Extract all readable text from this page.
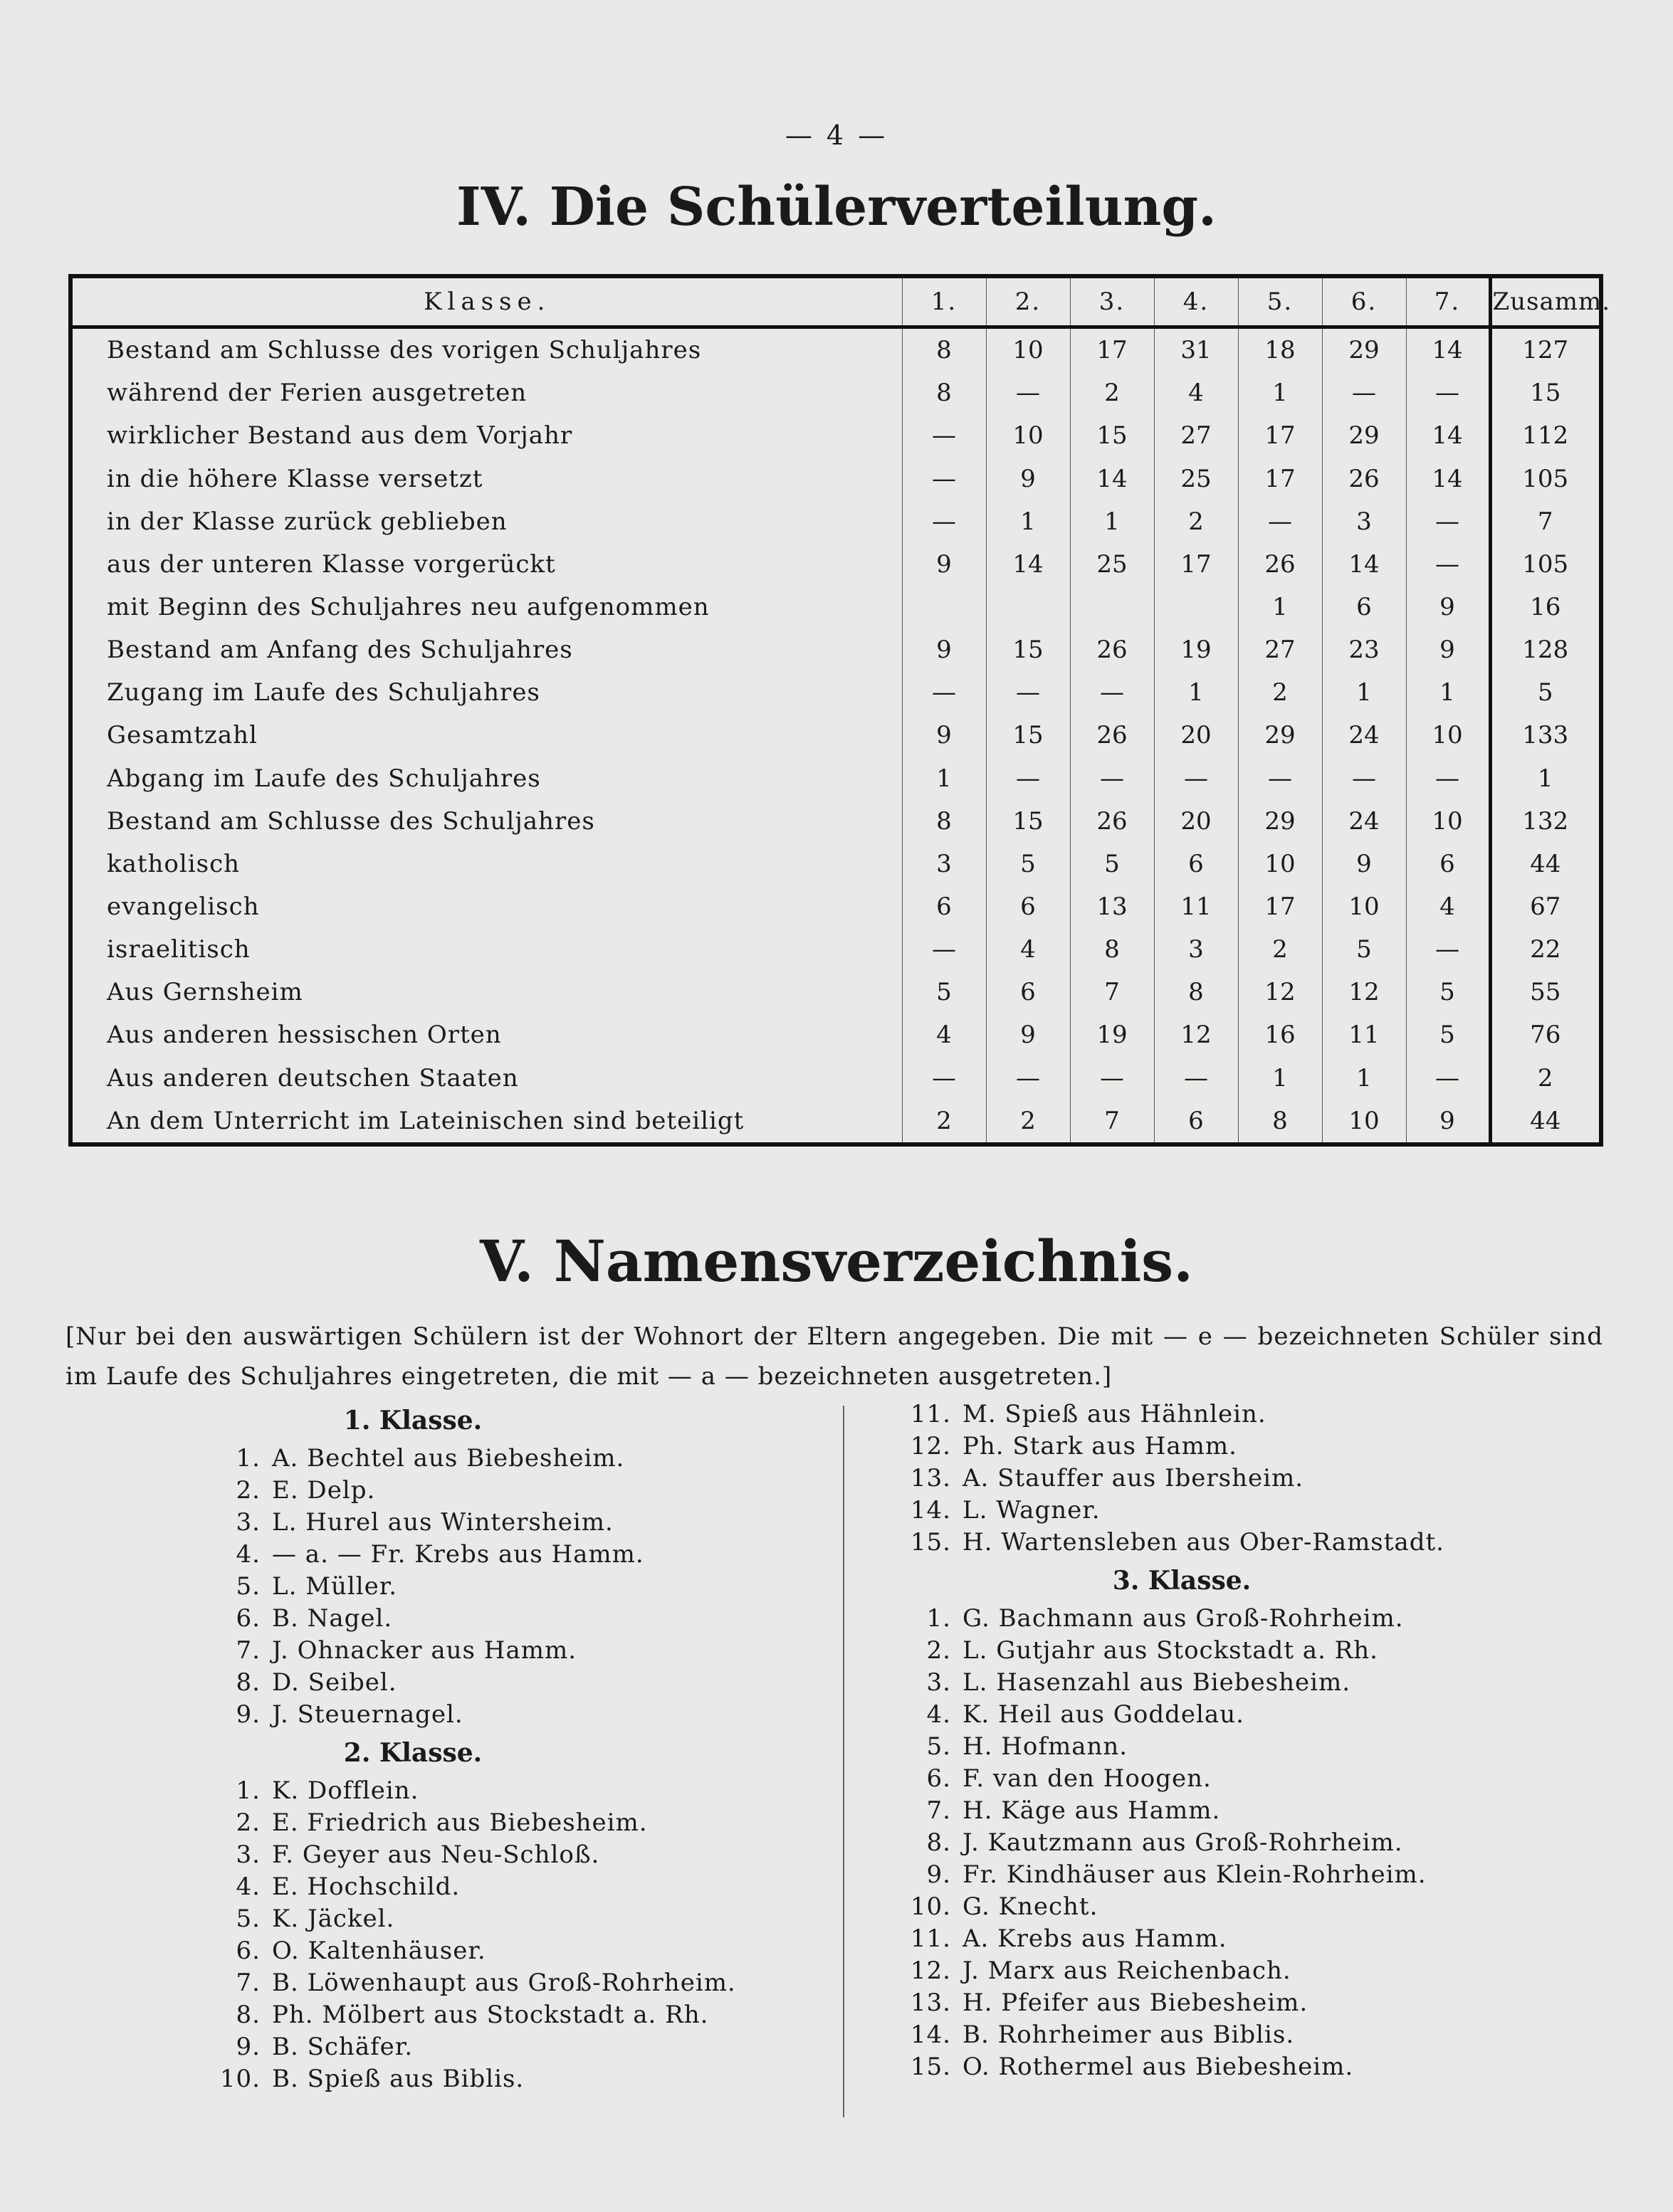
— 4 —
IV. Die Schülerverteilung.
Klasse.	1.	2.	3.	4.	5.	6.	7.	Zusamm.
Bestand am Schlusse des vorigen Schuljahres	8	10	17	31	18	29	14	127
während der Ferien ausgetreten	8	—	2	4	1	—	—	15
wirklicher Bestand aus dem Vorjahr	—	10	15	27	17	29	14	112
in die höhere Klasse versetzt	—	9	14	25	17	26	14	105
in der Klasse zurück geblieben	—	1	1	2	—	3	—	7
aus der unteren Klasse vorgerückt	9	14	25	17	26	14	—	105
mit Beginn des Schuljahres neu aufgenommen					1	6	9	16
Bestand am Anfang des Schuljahres	9	15	26	19	27	23	9	128
Zugang im Laufe des Schuljahres	—	—	—	1	2	1	1	5
Gesamtzahl	9	15	26	20	29	24	10	133
Abgang im Laufe des Schuljahres	1	—	—	—	—	—	—	1
Bestand am Schlusse des Schuljahres	8	15	26	20	29	24	10	132
katholisch	3	5	5	6	10	9	6	44
evangelisch	6	6	13	11	17	10	4	67
israelitisch	—	4	8	3	2	5	—	22
Aus Gernsheim	5	6	7	8	12	12	5	55
Aus anderen hessischen Orten	4	9	19	12	16	11	5	76
Aus anderen deutschen Staaten	—	—	—	—	1	1	—	2
An dem Unterricht im Lateinischen sind beteiligt	2	2	7	6	8	10	9	44
V. Namensverzeichnis.
[Nur bei den auswärtigen Schülern ist der Wohnort der Eltern angegeben. Die mit — e — bezeichneten Schüler sind im Laufe des Schuljahres eingetreten, die mit — a — bezeichneten ausgetreten.]
1. Klasse.
1. A. Bechtel aus Biebesheim.
2. E. Delp.
3. L. Hurel aus Wintersheim.
4. — a. — Fr. Krebs aus Hamm.
5. L. Müller.
6. B. Nagel.
7. J. Ohnacker aus Hamm.
8. D. Seibel.
9. J. Steuernagel.
2. Klasse.
1. K. Dofflein.
2. E. Friedrich aus Biebesheim.
3. F. Geyer aus Neu-Schloß.
4. E. Hochschild.
5. K. Jäckel.
6. O. Kaltenhäuser.
7. B. Löwenhaupt aus Groß-Rohrheim.
8. Ph. Mölbert aus Stockstadt a. Rh.
9. B. Schäfer.
10. B. Spieß aus Biblis.
11. M. Spieß aus Hähnlein.
12. Ph. Stark aus Hamm.
13. A. Stauffer aus Ibersheim.
14. L. Wagner.
15. H. Wartensleben aus Ober-Ramstadt.
3. Klasse.
1. G. Bachmann aus Groß-Rohrheim.
2. L. Gutjahr aus Stockstadt a. Rh.
3. L. Hasenzahl aus Biebesheim.
4. K. Heil aus Goddelau.
5. H. Hofmann.
6. F. van den Hoogen.
7. H. Käge aus Hamm.
8. J. Kautzmann aus Groß-Rohrheim.
9. Fr. Kindhäuser aus Klein-Rohrheim.
10. G. Knecht.
11. A. Krebs aus Hamm.
12. J. Marx aus Reichenbach.
13. H. Pfeifer aus Biebesheim.
14. B. Rohrheimer aus Biblis.
15. O. Rothermel aus Biebesheim.
